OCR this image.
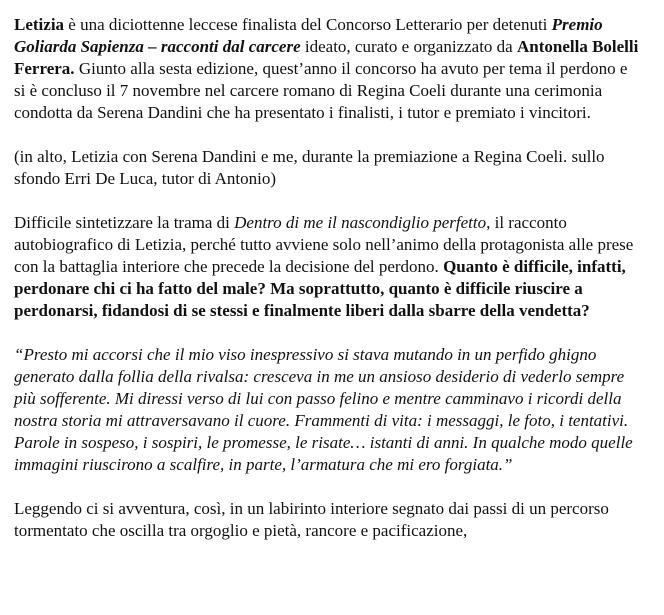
Letizia è una diciottenne leccese finalista del Concorso Letterario per detenuti Premio Goliarda Sapienza – racconti dal carcere ideato, curato e organizzato da Antonella Bolelli Ferrera. Giunto alla sesta edizione, quest’anno il concorso ha avuto per tema il perdono e si è concluso il 7 novembre nel carcere romano di Regina Coeli durante una cerimonia condotta da Serena Dandini che ha presentato i finalisti, i tutor e premiato i vincitori.

(in alto, Letizia con Serena Dandini e me, durante la premiazione a Regina Coeli. sullo sfondo Erri De Luca, tutor di Antonio)

Difficile sintetizzare la trama di Dentro di me il nascondiglio perfetto, il racconto autobiografico di Letizia, perché tutto avviene solo nell’animo della protagonista alle prese con la battaglia interiore che precede la decisione del perdono. Quanto è difficile, infatti, perdonare chi ci ha fatto del male? Ma soprattutto, quanto è difficile riuscire a perdonarsi, fidandosi di se stessi e finalmente liberi dalla sbarre della vendetta?

“Presto mi accorsi che il mio viso inespressivo si stava mutando in un perfido ghigno generato dalla follia della rivalsa: cresceva in me un ansioso desiderio di vederlo sempre più sofferente. Mi diressi verso di lui con passo felino e mentre camminavo i ricordi della nostra storia mi attraversavano il cuore. Frammenti di vita: i messaggi, le foto, i tentativi. Parole in sospeso, i sospiri, le promesse, le risate… istanti di anni. In qualche modo quelle immagini riuscirono a scalfire, in parte, l’armatura che mi ero forgiata.”

Leggendo ci si avventura, così, in un labirinto interiore segnato dai passi di un percorso tormentato che oscilla tra orgoglio e pietà, rancore e pacificazione,
